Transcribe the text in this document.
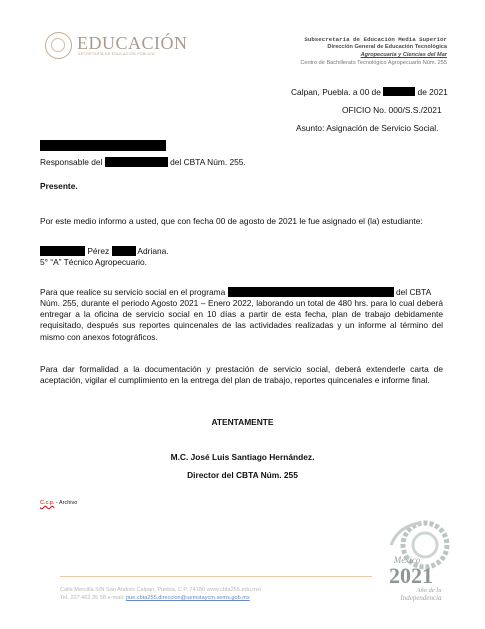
EDUCACIÓN
SECRETARÍA DE EDUCACIÓN PÚBLICA
Subsecretaría de Educación Media Superior
Dirección General de Educación Tecnológica
Agropecuaria y Ciencias del Mar
Centro de Bachillerato Tecnológico Agropecuario Núm. 255
Calpan, Puebla. a 00 de	de 2021
OFICIO No. 000/S.S./2021
Asunto: Asignación de Servicio Social.
Responsable del	del CBTA Núm. 255.
Presente.
Por este medio informo a usted, que con fecha 00 de agosto de 2021 le fue asignado el (la) estudiante:
Pérez	Adriana.
5° “A” Técnico Agropecuario.
Para que realice su servicio social en el programa	del CBTA
Núm. 255, durante el periodo Agosto 2021 – Enero 2022, laborando un total de 480 hrs. para lo cual deberá entregar a la oficina de servicio social en 10 días a partir de esta fecha, plan de trabajo debidamente requisitado, después sus reportes quincenales de las actividades realizadas y un informe al término del mismo con anexos fotográficos.
Para dar formalidad a la documentación y prestación de servicio social, deberá extenderle carta de aceptación, vigilar el cumplimiento en la entrega del plan de trabajo, reportes quincenales e informe final.
ATENTAMENTE
M.C. José Luis Santiago Hernández.
Director del CBTA Núm. 255
C.c.p. - Archivo
México
2021
Año de la
Independencia
Calle Mercilla S/N San Andrés Calpan, Puebla, C.P. 74180 www.cbta255.edu.mx/
Tel. 227 462 35 58 e-mail: pue.cbta255.direccion@uemstaycm.sems.gob.mx
